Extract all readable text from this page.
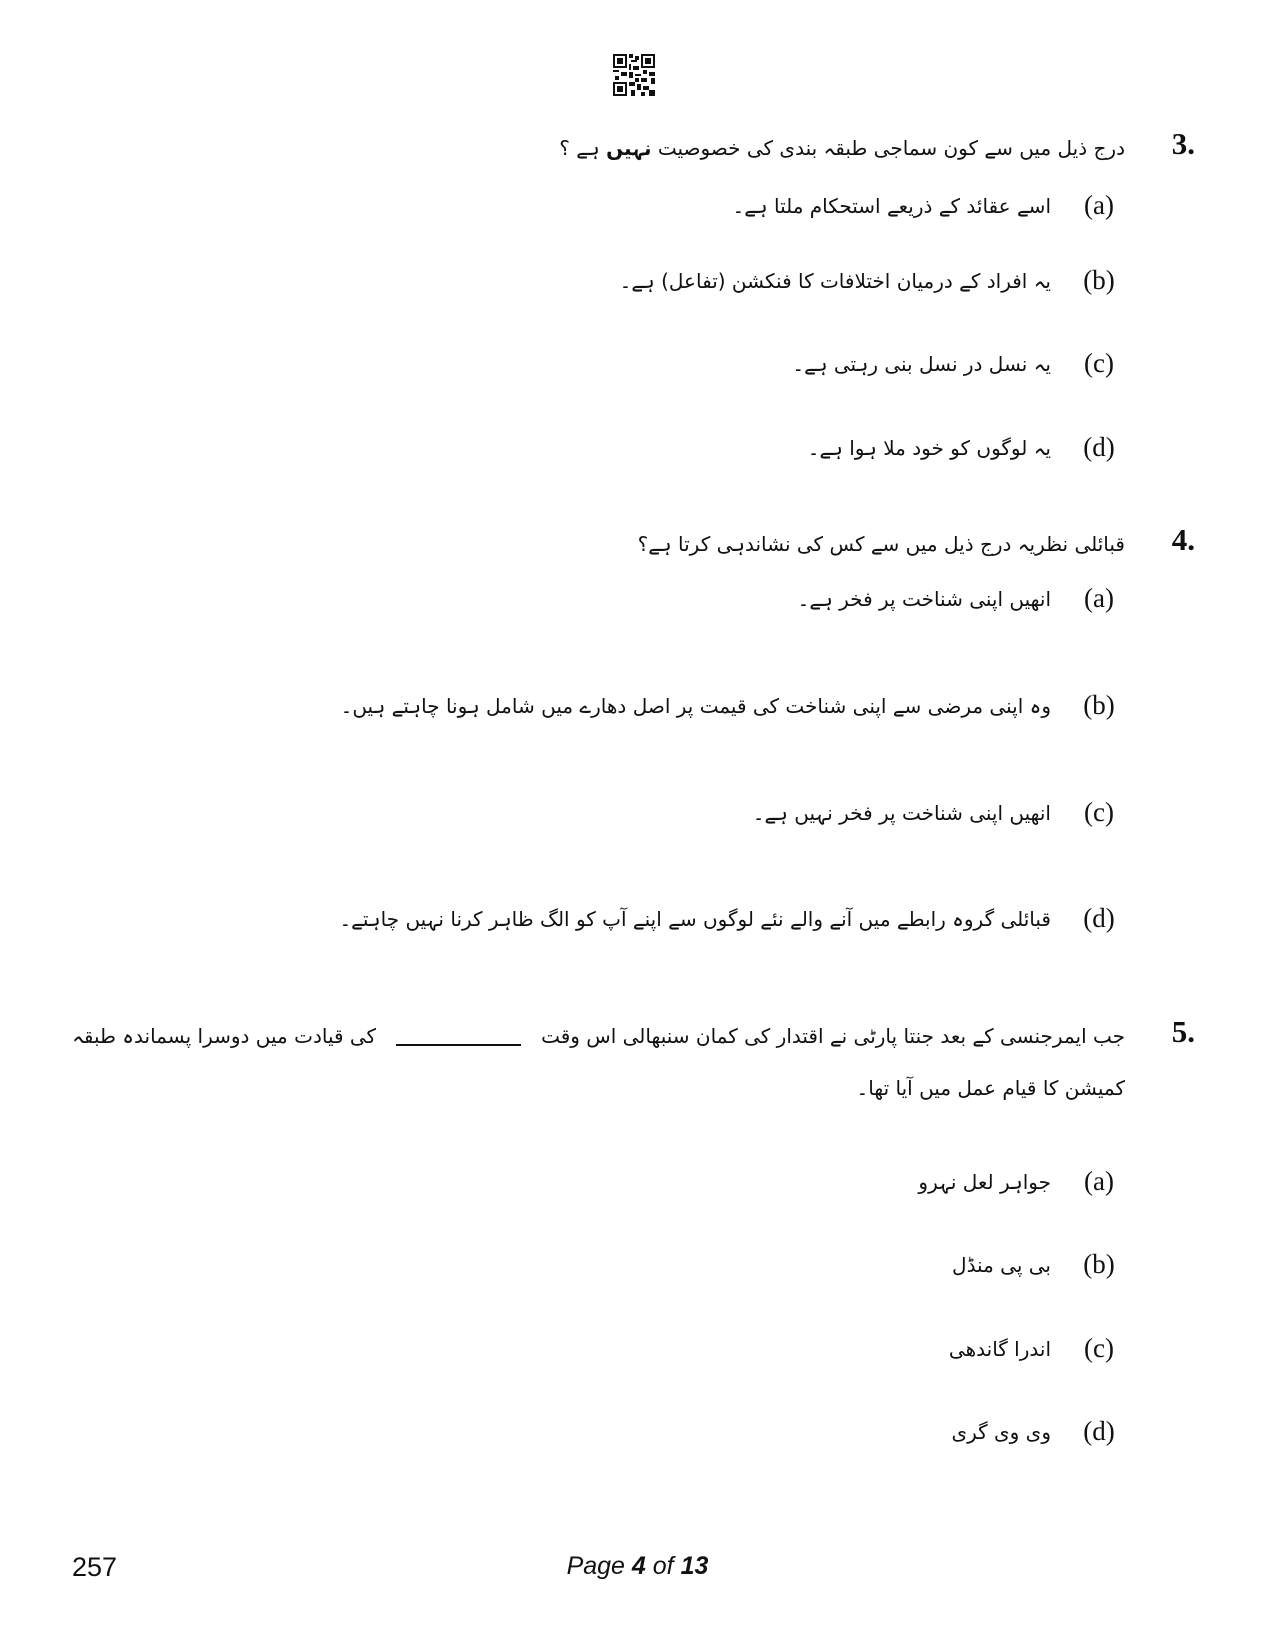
3.
درج ذیل میں سے کون سماجی طبقہ بندی کی خصوصیت نہیں ہے ؟
(a)اسے عقائد کے ذریعے استحکام ملتا ہے۔
(b)یہ افراد کے درمیان اختلافات کا فنکشن (تفاعل) ہے۔
(c)یہ نسل در نسل بنی رہتی ہے۔
(d)یہ لوگوں کو خود ملا ہوا ہے۔
4.
قبائلی نظریہ درج ذیل میں سے کس کی نشاندہی کرتا ہے؟
(a)انھیں اپنی شناخت پر فخر ہے۔
(b)وہ اپنی مرضی سے اپنی شناخت کی قیمت پر اصل دھارے میں شامل ہونا چاہتے ہیں۔
(c)انھیں اپنی شناخت پر فخر نہیں ہے۔
(d)قبائلی گروہ رابطے میں آنے والے نئے لوگوں سے اپنے آپ کو الگ ظاہر کرنا نہیں چاہتے۔
5.
جب ایمرجنسی کے بعد جنتا پارٹی نے اقتدار کی کمان سنبھالی اس وقتکی قیادت میں دوسرا پسماندہ طبقہ
کمیشن کا قیام عمل میں آیا تھا۔
(a)جواہر لعل نہرو
(b)بی پی منڈل
(c)اندرا گاندھی
(d)وی وی گری
257	Page 4 of 13
